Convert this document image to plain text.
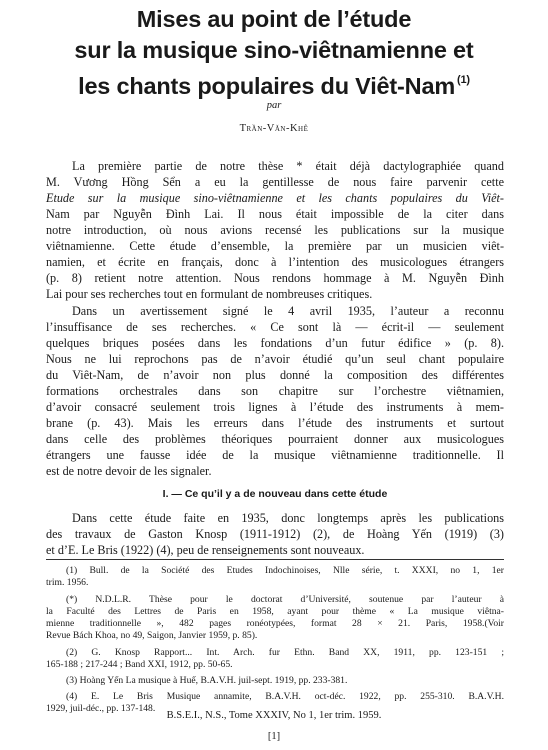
Mises au point de l’étude
sur la musique sino-viêtnamienne et
les chants populaires du Viêt-Nam $^{(1)}$
par
Trần-Văn-Khê
La première partie de notre thèse * était déjà dactylographiée quand
M. Vương Hồng Sển a eu la gentillesse de nous faire parvenir cette
Etude sur la musique sino-viêtnamienne et les chants populaires du Viêt-
Nam par Nguyễn Đình Lai. Il nous était impossible de la citer dans
notre introduction, où nous avions recensé les publications sur la musique
viêtnamienne. Cette étude d’ensemble, la première par un musicien viêt-
namien, et écrite en français, donc à l’intention des musicologues étrangers
(p. 8) retient notre attention. Nous rendons hommage à M. Nguyễn Đình
Lai pour ses recherches tout en formulant de nombreuses critiques.
Dans un avertissement signé le 4 avril 1935, l’auteur a reconnu
l’insuffisance de ses recherches. « Ce sont là — écrit-il — seulement
quelques briques posées dans les fondations d’un futur édifice » (p. 8).
Nous ne lui reprochons pas de n’avoir étudié qu’un seul chant populaire
du Viêt-Nam, de n’avoir non plus donné la composition des différentes
formations orchestrales dans son chapitre sur l’orchestre viêtnamien,
d’avoir consacré seulement trois lignes à l’étude des instruments à mem-
brane (p. 43). Mais les erreurs dans l’étude des instruments et surtout
dans celle des problèmes théoriques pourraient donner aux musicologues
étrangers une fausse idée de la musique viêtnamienne traditionnelle. Il
est de notre devoir de les signaler.
I. — Ce qu’il y a de nouveau dans cette étude
Dans cette étude faite en 1935, donc longtemps après les publications
des travaux de Gaston Knosp (1911-1912) (2), de Hoàng Yến (1919) (3)
et d’E. Le Bris (1922) (4), peu de renseignements sont nouveaux.
(1) Bull. de la Société des Etudes Indochinoises, Nlle série, t. XXXI, no 1, 1er
trim. 1956.
(*) N.D.L.R. Thèse pour le doctorat d’Université, soutenue par l’auteur à
la Faculté des Lettres de Paris en 1958, ayant pour thème « La musique viêtna-
mienne traditionnelle », 482 pages ronéotypées, format 28 × 21. Paris, 1958.(Voir
Revue Bách Khoa, no 49, Saigon, Janvier 1959, p. 85).
(2) G. Knosp Rapport... Int. Arch. fur Ethn. Band XX, 1911, pp. 123-151 ;
165-188 ; 217-244 ; Band XXI, 1912, pp. 50-65.
(3) Hoàng Yến La musique à Huế, B.A.V.H. juil-sept. 1919, pp. 233-381.
(4) E. Le Bris Musique annamite, B.A.V.H. oct-déc. 1922, pp. 255-310. B.A.V.H.
1929, juil-déc., pp. 137-148.
B.S.E.I., N.S., Tome XXXIV, No 1, 1er trim. 1959.
[1]
